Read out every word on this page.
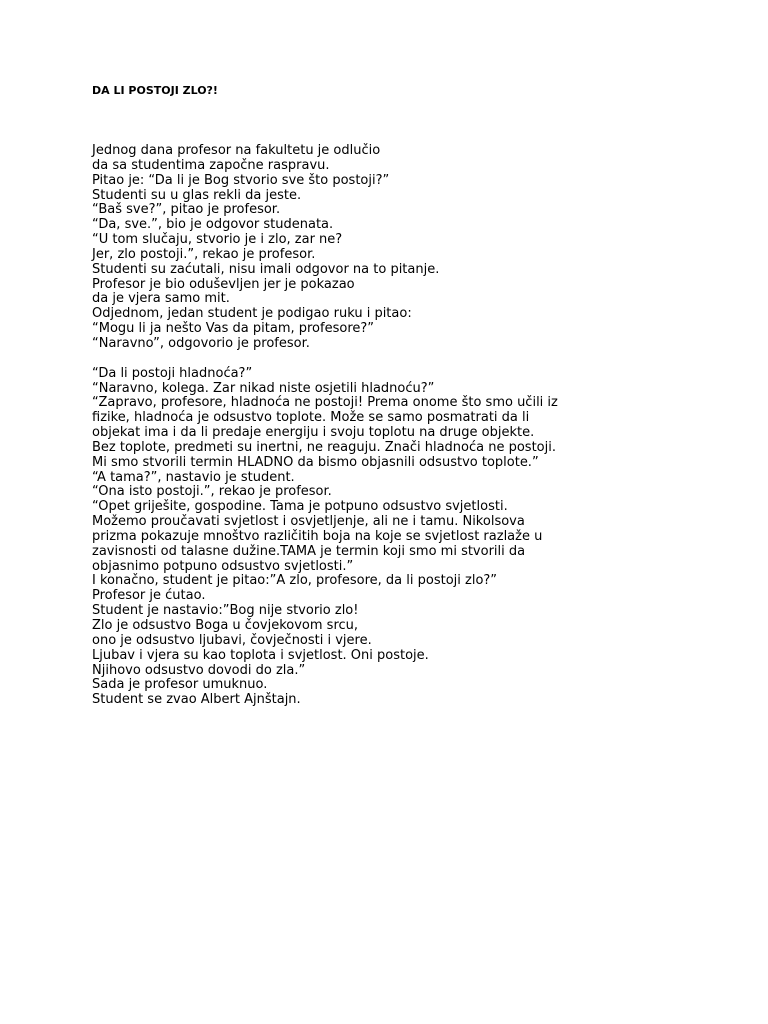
DA LI POSTOJI ZLO?!
Jednog dana profesor na fakultetu je odlučio
da sa studentima započne raspravu.
Pitao je: “Da li je Bog stvorio sve što postoji?”
Studenti su u glas rekli da jeste.
“Baš sve?”, pitao je profesor.
“Da, sve.”, bio je odgovor studenata.
“U tom slučaju, stvorio je i zlo, zar ne?
Jer, zlo postoji.”, rekao je profesor.
Studenti su zaćutali, nisu imali odgovor na to pitanje.
Profesor je bio oduševljen jer je pokazao
da je vjera samo mit.
Odjednom, jedan student je podigao ruku i pitao:
“Mogu li ja nešto Vas da pitam, profesore?”
“Naravno”, odgovorio je profesor.
“Da li postoji hladnoća?”
“Naravno, kolega. Zar nikad niste osjetili hladnoću?”
“Zapravo, profesore, hladnoća ne postoji! Prema onome što smo učili iz
fizike, hladnoća je odsustvo toplote. Može se samo posmatrati da li
objekat ima i da li predaje energiju i svoju toplotu na druge objekte.
Bez toplote, predmeti su inertni, ne reaguju. Znači hladnoća ne postoji.
Mi smo stvorili termin HLADNO da bismo objasnili odsustvo toplote.”
“A tama?”, nastavio je student.
“Ona isto postoji.”, rekao je profesor.
“Opet griješite, gospodine. Tama je potpuno odsustvo svjetlosti.
Možemo proučavati svjetlost i osvjetljenje, ali ne i tamu. Nikolsova
prizma pokazuje mnoštvo različitih boja na koje se svjetlost razlaže u
zavisnosti od talasne dužine.TAMA je termin koji smo mi stvorili da
objasnimo potpuno odsustvo svjetlosti.”
I konačno, student je pitao:”A zlo, profesore, da li postoji zlo?”
Profesor je ćutao.
Student je nastavio:”Bog nije stvorio zlo!
Zlo je odsustvo Boga u čovjekovom srcu,
ono je odsustvo ljubavi, čovječnosti i vjere.
Ljubav i vjera su kao toplota i svjetlost. Oni postoje.
Njihovo odsustvo dovodi do zla.”
Sada je profesor umuknuo.
Student se zvao Albert Ajnštajn.
